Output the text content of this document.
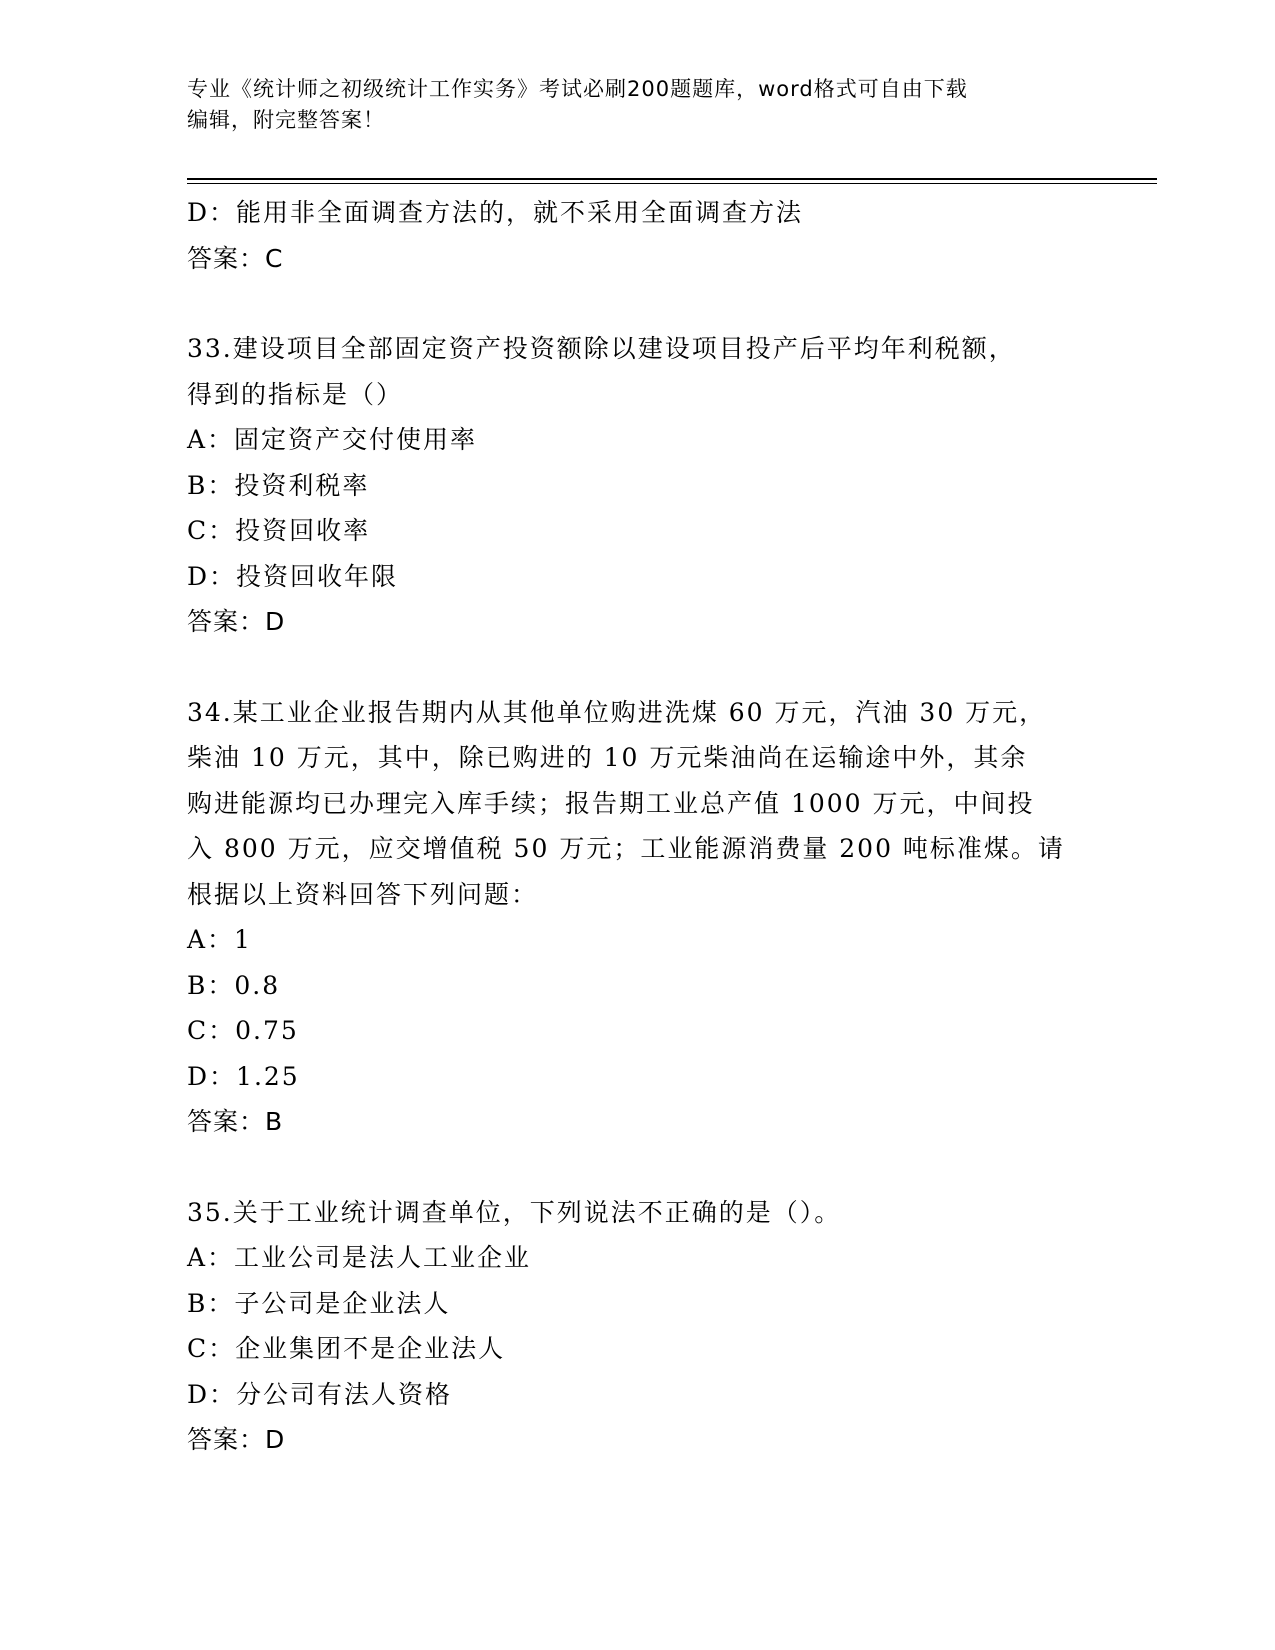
专业《统计师之初级统计工作实务》考试必刷200题题库，word格式可自由下载
编辑，附完整答案！
D：能用非全面调查方法的，就不采用全面调查方法
答案：C
33.建设项目全部固定资产投资额除以建设项目投产后平均年利税额，
得到的指标是（）
A：固定资产交付使用率
B：投资利税率
C：投资回收率
D：投资回收年限
答案：D
34.某工业企业报告期内从其他单位购进洗煤 60 万元，汽油 30 万元，
柴油 10 万元，其中，除已购进的 10 万元柴油尚在运输途中外，其余
购进能源均已办理完入库手续；报告期工业总产值 1000 万元，中间投
入 800 万元，应交增值税 50 万元；工业能源消费量 200 吨标准煤。请
根据以上资料回答下列问题：
A：1
B：0.8
C：0.75
D：1.25
答案：B
35.关于工业统计调查单位，下列说法不正确的是（）。
A：工业公司是法人工业企业
B：子公司是企业法人
C：企业集团不是企业法人
D：分公司有法人资格
答案：D
